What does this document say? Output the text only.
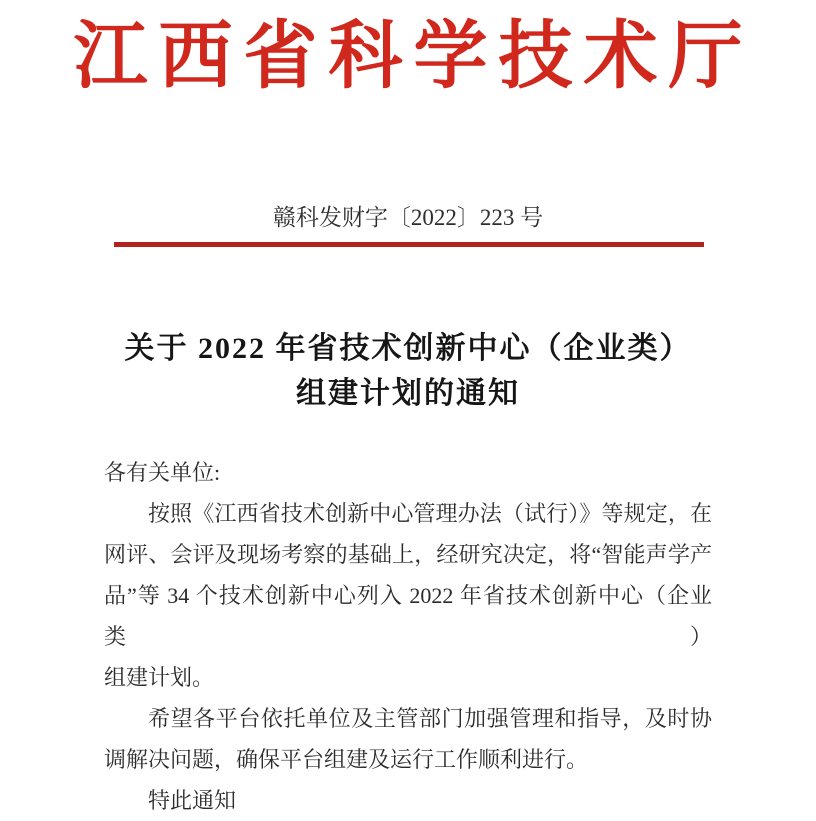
江西省科学技术厅
赣科发财字〔2022〕223 号
关于 2022 年省技术创新中心（企业类）
组建计划的通知
各有关单位:
按照《江西省技术创新中心管理办法（试行）》等规定，在
网评、会评及现场考察的基础上，经研究决定，将“智能声学产
品”等 34 个技术创新中心列入 2022 年省技术创新中心（企业类）
组建计划。
希望各平台依托单位及主管部门加强管理和指导，及时协
调解决问题，确保平台组建及运行工作顺利进行。
特此通知
